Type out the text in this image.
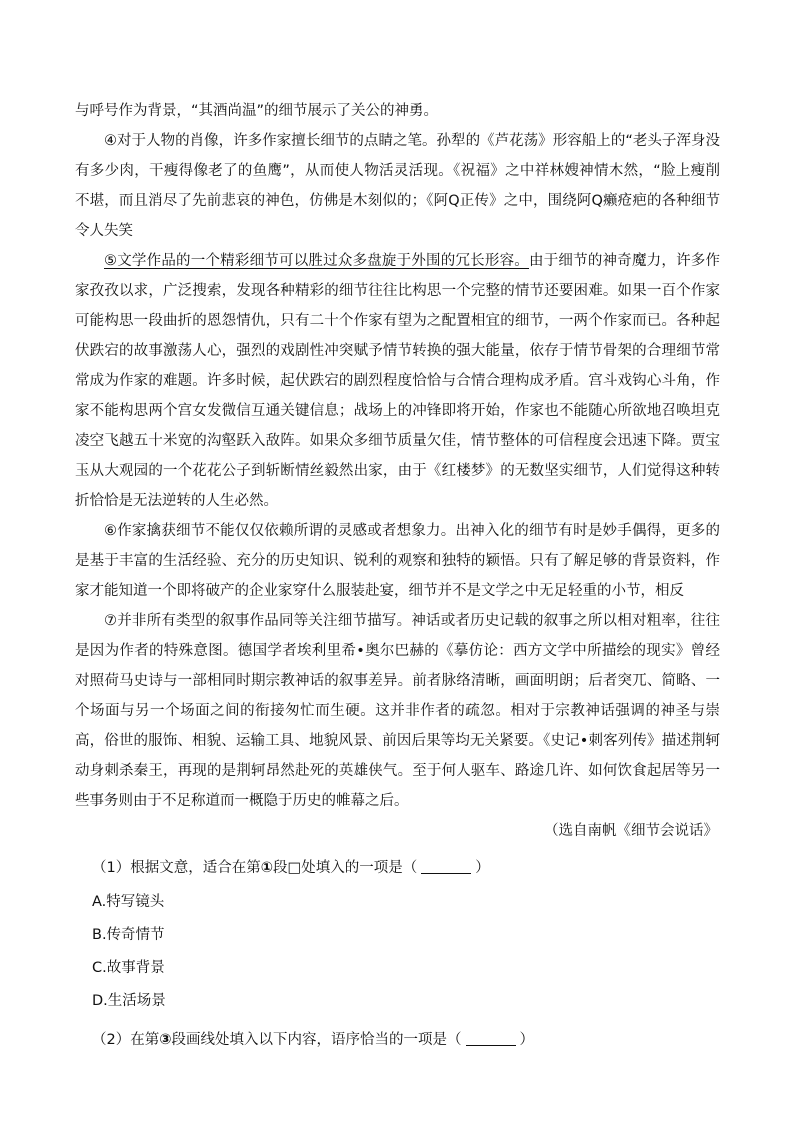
与呼号作为背景，“其酒尚温”的细节展示了关公的神勇。

④对于人物的肖像，许多作家擅长细节的点睛之笔。孙犁的《芦花荡》形容船上的“老头子浑身没有多少肉，干瘦得像老了的鱼鹰”，从而使人物活灵活现。《祝福》之中祥林嫂神情木然，“脸上瘦削不堪，而且消尽了先前悲哀的神色，仿佛是木刻似的；《阿Q正传》之中，围绕阿Q癞疮疤的各种细节令人失笑

⑤文学作品的一个精彩细节可以胜过众多盘旋于外围的冗长形容。由于细节的神奇魔力，许多作家孜孜以求，广泛搜索，发现各种精彩的细节往往比构思一个完整的情节还要困难。如果一百个作家可能构思一段曲折的恩怨情仇，只有二十个作家有望为之配置相宜的细节，一两个作家而已。各种起伏跌宕的故事激荡人心，强烈的戏剧性冲突赋予情节转换的强大能量，依存于情节骨架的合理细节常常成为作家的难题。许多时候，起伏跌宕的剧烈程度恰恰与合情合理构成矛盾。宫斗戏钩心斗角，作家不能构思两个宫女发微信互通关键信息；战场上的冲锋即将开始，作家也不能随心所欲地召唤坦克凌空飞越五十米宽的沟壑跃入敌阵。如果众多细节质量欠佳，情节整体的可信程度会迅速下降。贾宝玉从大观园的一个花花公子到斩断情丝毅然出家，由于《红楼梦》的无数坚实细节，人们觉得这种转折恰恰是无法逆转的人生必然。

⑥作家擒获细节不能仅仅依赖所谓的灵感或者想象力。出神入化的细节有时是妙手偶得，更多的是基于丰富的生活经验、充分的历史知识、锐利的观察和独特的颖悟。只有了解足够的背景资料，作家才能知道一个即将破产的企业家穿什么服装赴宴，细节并不是文学之中无足轻重的小节，相反

⑦并非所有类型的叙事作品同等关注细节描写。神话或者历史记载的叙事之所以相对粗率，往往是因为作者的特殊意图。德国学者埃利里希•奥尔巴赫的《摹仿论：西方文学中所描绘的现实》曾经对照荷马史诗与一部相同时期宗教神话的叙事差异。前者脉络清晰，画面明朗；后者突兀、简略、一个场面与另一个场面之间的衔接匆忙而生硬。这并非作者的疏忽。相对于宗教神话强调的神圣与崇高，俗世的服饰、相貌、运输工具、地貌风景、前因后果等均无关紧要。《史记•刺客列传》描述荆轲动身刺杀秦王，再现的是荆轲昂然赴死的英雄侠气。至于何人驱车、路途几许、如何饮食起居等另一些事务则由于不足称道而一概隐于历史的帷幕之后。

（选自南帆《细节会说话》

（1）根据文意，适合在第①段□处填入的一项是（	）

A.特写镜头

B.传奇情节

C.故事背景

D.生活场景

（2）在第③段画线处填入以下内容，语序恰当的一项是（	）
